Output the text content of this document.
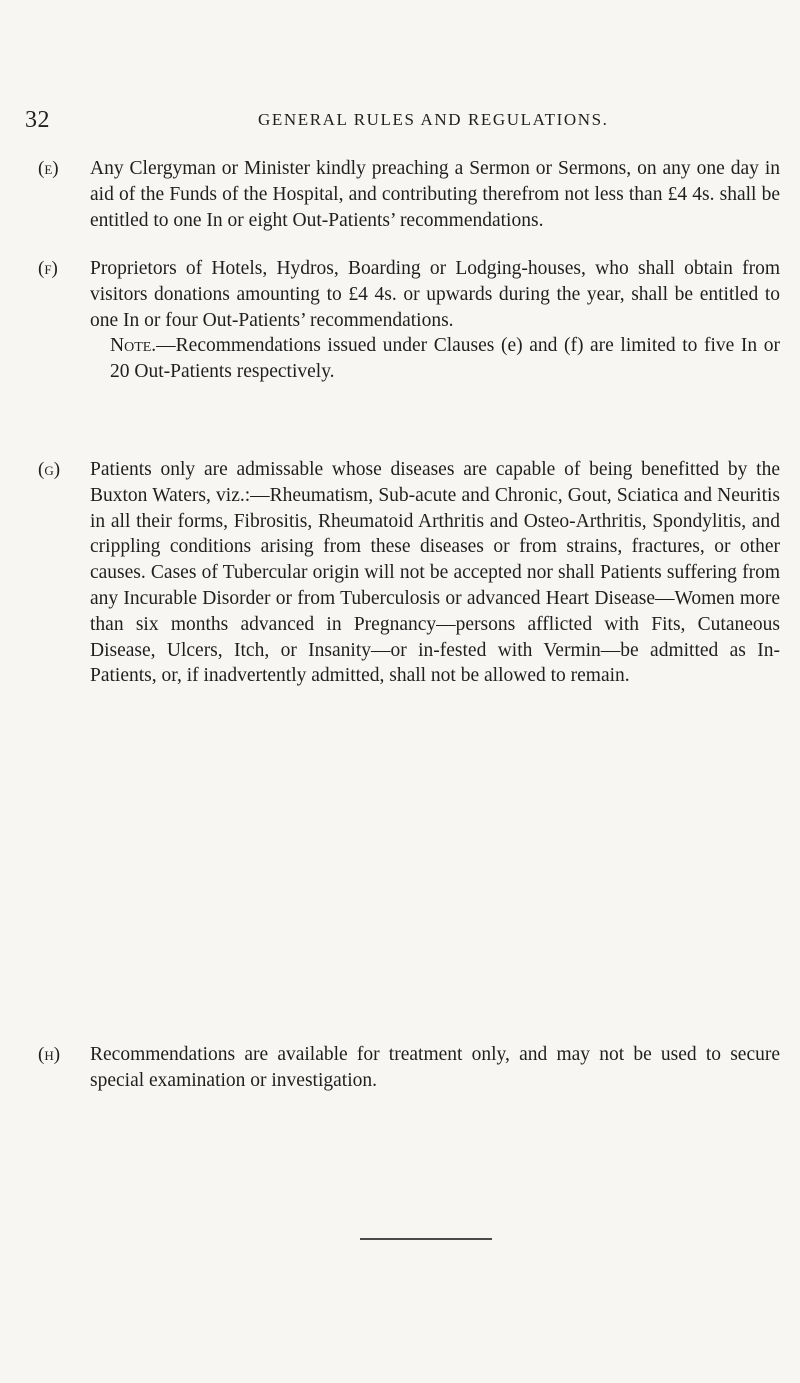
32	GENERAL RULES AND REGULATIONS.
(e) Any Clergyman or Minister kindly preaching a Sermon or Sermons, on any one day in aid of the Funds of the Hospital, and contributing therefrom not less than £4 4s. shall be entitled to one In or eight Out-Patients’ recommendations.
(f) Proprietors of Hotels, Hydros, Boarding or Lodging-houses, who shall obtain from visitors donations amounting to £4 4s. or upwards during the year, shall be entitled to one In or four Out-Patients’ recommendations.
Note.—Recommendations issued under Clauses (e) and (f) are limited to five In or 20 Out-Patients respectively.
(g) Patients only are admissable whose diseases are capable of being benefitted by the Buxton Waters, viz.:—Rheumatism, Sub-acute and Chronic, Gout, Sciatica and Neuritis in all their forms, Fibrositis, Rheumatoid Arthritis and Osteo-Arthritis, Spondylitis, and crippling conditions arising from these diseases or from strains, fractures, or other causes. Cases of Tubercular origin will not be accepted nor shall Patients suffering from any Incurable Disorder or from Tuberculosis or advanced Heart Disease—Women more than six months advanced in Pregnancy—persons afflicted with Fits, Cutaneous Disease, Ulcers, Itch, or Insanity—or in-fested with Vermin—be admitted as In-Patients, or, if inadvertently admitted, shall not be allowed to remain.
(h) Recommendations are available for treatment only, and may not be used to secure special examination or investigation.
